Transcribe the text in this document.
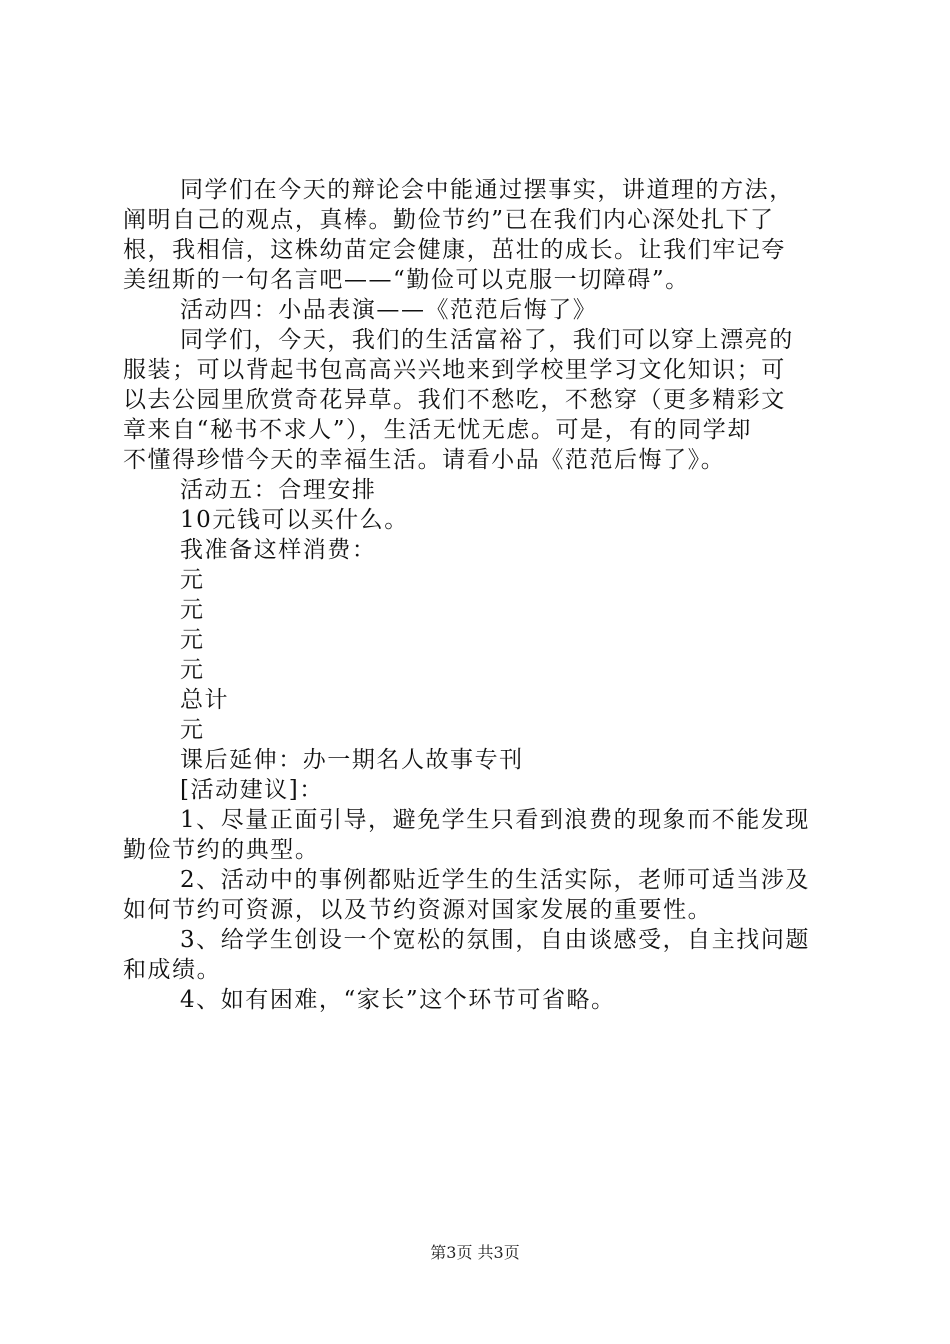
同学们在今天的辩论会中能通过摆事实，讲道理的方法，
阐明自己的观点，真棒。勤俭节约”已在我们内心深处扎下了
根，我相信，这株幼苗定会健康，茁壮的成长。让我们牢记夸
美纽斯的一句名言吧——“勤俭可以克服一切障碍”。
活动四：小品表演——《范范后悔了》
同学们，今天，我们的生活富裕了，我们可以穿上漂亮的
服装；可以背起书包高高兴兴地来到学校里学习文化知识；可
以去公园里欣赏奇花异草。我们不愁吃，不愁穿（更多精彩文
章来自“秘书不求人”），生活无忧无虑。可是，有的同学却
不懂得珍惜今天的幸福生活。请看小品《范范后悔了》。
活动五：合理安排
10元钱可以买什么。
我准备这样消费：
元
元
元
元
总计
元
课后延伸：办一期名人故事专刊
[活动建议]：
1、尽量正面引导，避免学生只看到浪费的现象而不能发现
勤俭节约的典型。
2、活动中的事例都贴近学生的生活实际，老师可适当涉及
如何节约可资源，以及节约资源对国家发展的重要性。
3、给学生创设一个宽松的氛围，自由谈感受，自主找问题
和成绩。
4、如有困难，“家长”这个环节可省略。
第3页 共3页
